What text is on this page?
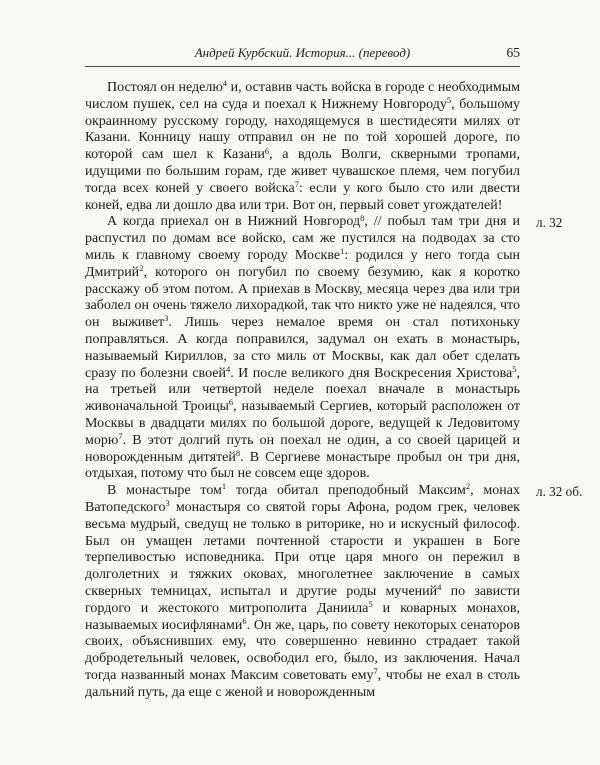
Андрей Курбский. История... (перевод)	65

Постоял он неделю$^4$ и, оставив часть войска в городе с необходимым числом пушек, сел на суда и поехал к Нижнему Новгороду$^5$, большому окраинному русскому городу, находящемуся в шестидесяти милях от Казани. Конницу нашу отправил он не по той хорошей дороге, по которой сам шел к Казани$^6$, а вдоль Волги, скверными тропами, идущими по большим горам, где живет чувашское племя, чем погубил тогда всех коней у своего войска$^7$: если у кого было сто или двести коней, едва ли дошло два или три. Вот он, первый совет угождателей!

А когда приехал он в Нижний Новгород$^8$, // побыл там три дня и распустил по домам все войско, сам же пустился на подводах за сто миль к главному своему городу Москве$^1$: родился у него тогда сын Дмитрий$^2$, которого он погубил по своему безумию, как я коротко расскажу об этом потом. А приехав в Москву, месяца через два или три заболел он очень тяжело лихорадкой, так что никто уже не надеялся, что он выживет$^3$. Лишь через немалое время он стал потихоньку поправляться. А когда поправился, задумал он ехать в монастырь, называемый Кириллов, за сто миль от Москвы, как дал обет сделать сразу по болезни своей$^4$. И после великого дня Воскресения Христова$^5$, на третьей или четвертой неделе поехал вначале в монастырь живоначальной Троицы$^6$, называемый Сергиев, который расположен от Москвы в двадцати милях по большой дороге, ведущей к Ледовитому морю$^7$. В этот долгий путь он поехал не один, а со своей царицей и новорожденным дитятей$^8$. В Сергиеве монастыре пробыл он три дня, отдыхая, потому что был не совсем еще здоров.
л. 32

В монастыре том$^1$ тогда обитал преподобный Максим$^2$, монах Ватопедского$^3$ монастыря со святой горы Афона, родом грек, человек весьма мудрый, сведущ не только в риторике, но и искусный философ. Был он умащен летами почтенной старости и украшен в Боге терпеливостью исповедника. При отце царя много он пережил в долголетних и тяжких оковах, многолетнее заключение в самых скверных темницах, испытал и другие роды мучений$^4$ по зависти гордого и жестокого митрополита Даниила$^5$ и коварных монахов, называемых иосифлянами$^6$. Он же, царь, по совету некоторых сенаторов своих, объяснивших ему, что совершенно невинно страдает такой добродетельный человек, освободил его, было, из заключения. Начал тогда названный монах Максим советовать ему$^7$, чтобы не ехал в столь дальний путь, да еще с женой и новорожденным
л. 32 об.
